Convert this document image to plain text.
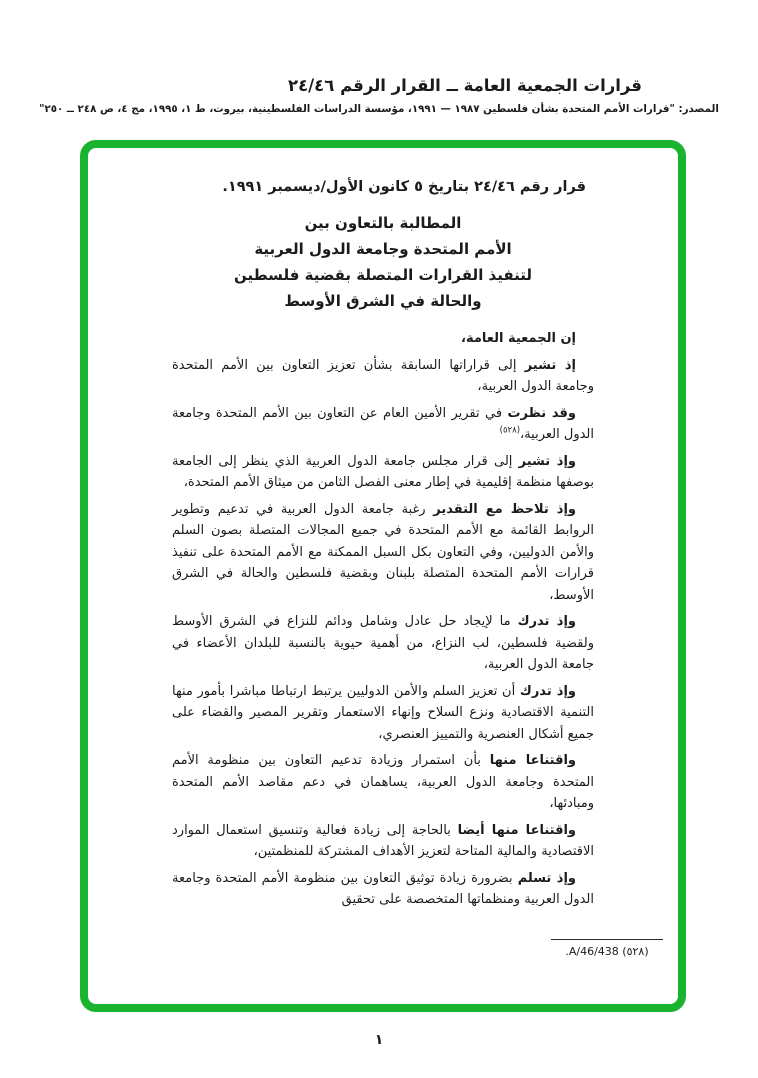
قرارات الجمعية العامة ــ القرار الرقم ٢٤/٤٦
المصدر: "قرارات الأمم المتحدة بشأن فلسطين ١٩٨٧ — ١٩٩١، مؤسسة الدراسات الفلسطينية، بيروت، ط ١، ١٩٩٥، مج ٤، ص ٢٤٨ ــ ٢٥٠"

قرار رقم ٢٤/٤٦ بتاريخ ٥ كانون الأول/ديسمبر ١٩٩١.

المطالبة بالتعاون بين
الأمم المتحدة وجامعة الدول العربية
لتنفيذ القرارات المتصلة بقضية فلسطين
والحالة في الشرق الأوسط

إن الجمعية العامة،

إذ تشير إلى قراراتها السابقة بشأن تعزيز التعاون بين الأمم المتحدة وجامعة الدول العربية،

وقد نظرت في تقرير الأمين العام عن التعاون بين الأمم المتحدة وجامعة الدول العربية،$^{(٥٢٨)}$

وإذ تشير إلى قرار مجلس جامعة الدول العربية الذي ينظر إلى الجامعة بوصفها منظمة إقليمية في إطار معنى الفصل الثامن من ميثاق الأمم المتحدة،

وإذ تلاحظ مع التقدير رغبة جامعة الدول العربية في تدعيم وتطوير الروابط القائمة مع الأمم المتحدة في جميع المجالات المتصلة بصون السلم والأمن الدوليين، وفي التعاون بكل السبل الممكنة مع الأمم المتحدة على تنفيذ قرارات الأمم المتحدة المتصلة بلبنان وبقضية فلسطين والحالة في الشرق الأوسط،

وإذ تدرك ما لإيجاد حل عادل وشامل ودائم للنزاع في الشرق الأوسط ولقضية فلسطين، لب النزاع، من أهمية حيوية بالنسبة للبلدان الأعضاء في جامعة الدول العربية،

وإذ تدرك أن تعزيز السلم والأمن الدوليين يرتبط ارتباطا مباشرا بأمور منها التنمية الاقتصادية ونزع السلاح وإنهاء الاستعمار وتقرير المصير والقضاء على جميع أشكال العنصرية والتمييز العنصري،

واقتناعا منها بأن استمرار وزيادة تدعيم التعاون بين منظومة الأمم المتحدة وجامعة الدول العربية، يساهمان في دعم مقاصد الأمم المتحدة ومبادئها،

واقتناعا منها أيضا بالحاجة إلى زيادة فعالية وتنسيق استعمال الموارد الاقتصادية والمالية المتاحة لتعزيز الأهداف المشتركة للمنظمتين،

وإذ تسلم بضرورة زيادة توثيق التعاون بين منظومة الأمم المتحدة وجامعة الدول العربية ومنظماتها المتخصصة على تحقيق

(٥٢٨) A/46/438.
١
